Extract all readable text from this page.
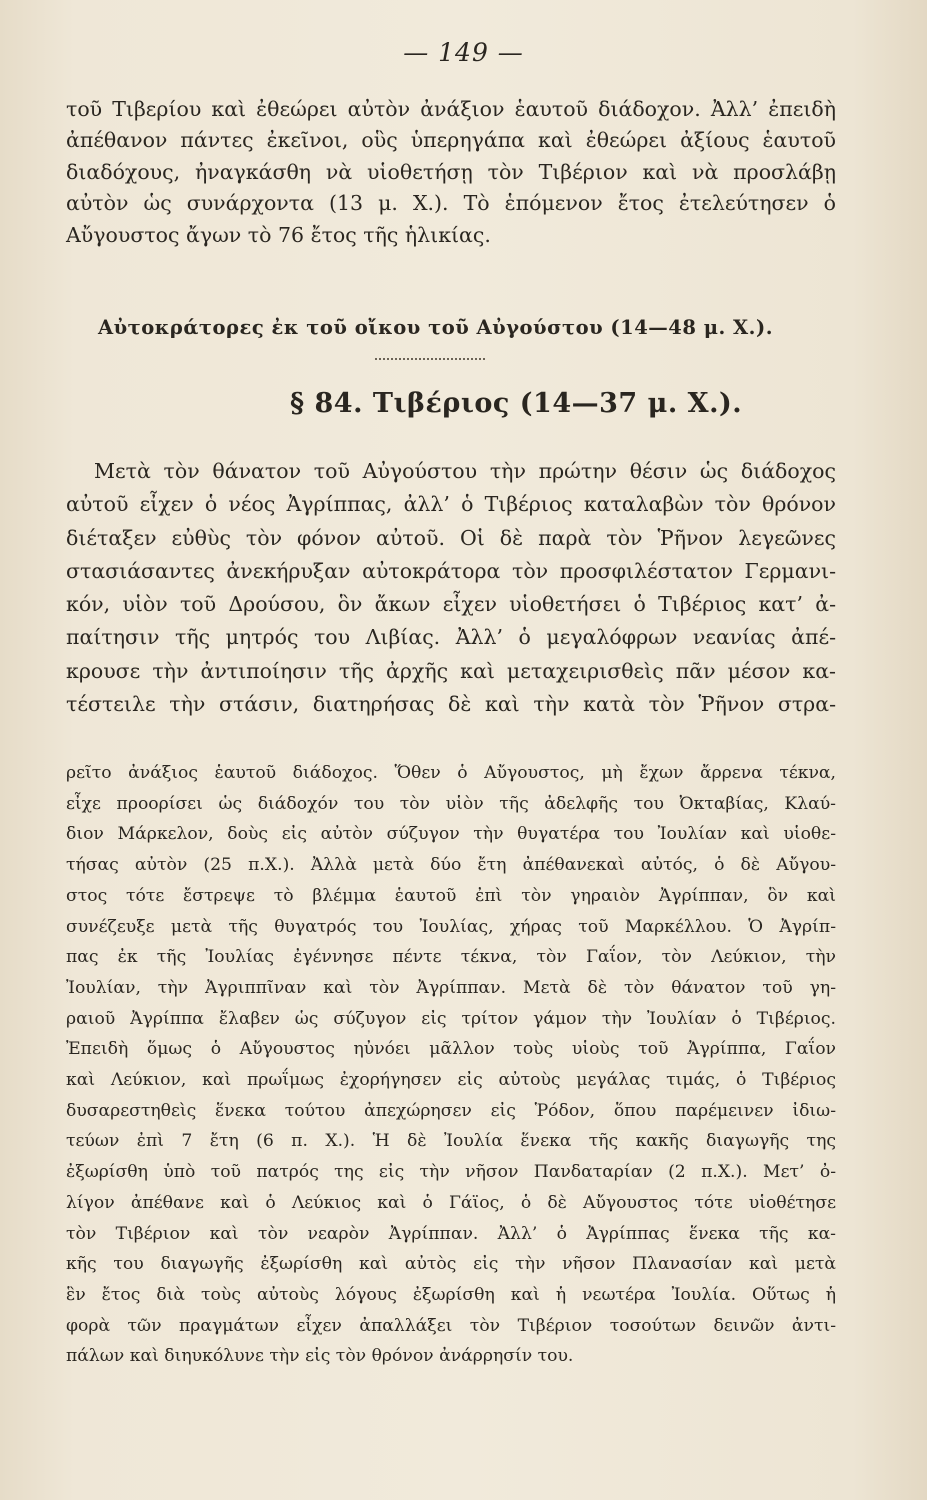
— 149 —
τοῦ Τιβερίου καὶ ἐθεώρει αὐτὸν ἀνάξιον ἑαυτοῦ διάδοχον. Ἀλλ’ ἐπειδὴ
ἀπέθανον πάντες ἐκεῖνοι, οὓς ὑπερηγάπα καὶ ἐθεώρει ἀξίους ἑαυτοῦ
διαδόχους, ἠναγκάσθη νὰ υἱοθετήσῃ τὸν Τιβέριον καὶ νὰ προσλάβῃ
αὐτὸν ὡς συνάρχοντα (13 μ. Χ.). Τὸ ἑπόμενον ἔτος ἐτελεύτησεν ὁ
Αὔγουστος ἄγων τὸ 76 ἔτος τῆς ἡλικίας.
Αὐτοκράτορες ἐκ τοῦ οἴκου τοῦ Αὐγούστου (14—48 μ. Χ.).
§ 84. Τιβέριος (14—37 μ. Χ.).
Μετὰ τὸν θάνατον τοῦ Αὐγούστου τὴν πρώτην θέσιν ὡς διάδοχος
αὐτοῦ εἶχεν ὁ νέος Ἀγρίππας, ἀλλ’ ὁ Τιβέριος καταλαβὼν τὸν θρόνον
διέταξεν εὐθὺς τὸν φόνον αὐτοῦ. Οἱ δὲ παρὰ τὸν Ῥῆνον λεγεῶνες
στασιάσαντες ἀνεκήρυξαν αὐτοκράτορα τὸν προσφιλέστατον Γερμανι-
κόν, υἱὸν τοῦ Δρούσου, ὃν ἄκων εἶχεν υἱοθετήσει ὁ Τιβέριος κατ’ ἀ-
παίτησιν τῆς μητρός του Λιβίας. Ἀλλ’ ὁ μεγαλόφρων νεανίας ἀπέ-
κρουσε τὴν ἀντιποίησιν τῆς ἀρχῆς καὶ μεταχειρισθεὶς πᾶν μέσον κα-
τέστειλε τὴν στάσιν, διατηρήσας δὲ καὶ τὴν κατὰ τὸν Ῥῆνον στρα-
ρεῖτο ἀνάξιος ἑαυτοῦ διάδοχος. Ὅθεν ὁ Αὔγουστος, μὴ ἔχων ἄρρενα τέκνα,
εἶχε προορίσει ὡς διάδοχόν του τὸν υἱὸν τῆς ἀδελφῆς του Ὀκταβίας, Κλαύ-
διον Μάρκελον, δοὺς εἰς αὐτὸν σύζυγον τὴν θυγατέρα του Ἰουλίαν καὶ υἱοθε-
τήσας αὐτὸν (25 π.Χ.). Ἀλλὰ μετὰ δύο ἔτη ἀπέθανεκαὶ αὐτός, ὁ δὲ Αὔγου-
στος τότε ἔστρεψε τὸ βλέμμα ἑαυτοῦ ἐπὶ τὸν γηραιὸν Ἀγρίππαν, ὃν καὶ
συνέζευξε μετὰ τῆς θυγατρός του Ἰουλίας, χήρας τοῦ Μαρκέλλου. Ὁ Ἀγρίπ-
πας ἐκ τῆς Ἰουλίας ἐγέννησε πέντε τέκνα, τὸν Γαΐον, τὸν Λεύκιον, τὴν
Ἰουλίαν, τὴν Ἀγριππῖναν καὶ τὸν Ἀγρίππαν. Μετὰ δὲ τὸν θάνατον τοῦ γη-
ραιοῦ Ἀγρίππα ἔλαβεν ὡς σύζυγον εἰς τρίτον γάμον τὴν Ἰουλίαν ὁ Τιβέριος.
Ἐπειδὴ ὅμως ὁ Αὔγουστος ηὐνόει μᾶλλον τοὺς υἱοὺς τοῦ Ἀγρίππα, Γαΐον
καὶ Λεύκιον, καὶ πρωΐμως ἐχορήγησεν εἰς αὐτοὺς μεγάλας τιμάς, ὁ Τιβέριος
δυσαρεστηθεὶς ἕνεκα τούτου ἀπεχώρησεν εἰς Ῥόδον, ὅπου παρέμεινεν ἰδιω-
τεύων ἐπὶ 7 ἔτη (6 π. Χ.). Ἡ δὲ Ἰουλία ἕνεκα τῆς κακῆς διαγωγῆς της
ἐξωρίσθη ὑπὸ τοῦ πατρός της εἰς τὴν νῆσον Πανδαταρίαν (2 π.Χ.). Μετ’ ὀ-
λίγον ἀπέθανε καὶ ὁ Λεύκιος καὶ ὁ Γάϊος, ὁ δὲ Αὔγουστος τότε υἱοθέτησε
τὸν Τιβέριον καὶ τὸν νεαρὸν Ἀγρίππαν. Ἀλλ’ ὁ Ἀγρίππας ἕνεκα τῆς κα-
κῆς του διαγωγῆς ἐξωρίσθη καὶ αὐτὸς εἰς τὴν νῆσον Πλανασίαν καὶ μετὰ
ἓν ἔτος διὰ τοὺς αὐτοὺς λόγους ἐξωρίσθη καὶ ἡ νεωτέρα Ἰουλία. Οὕτως ἡ
φορὰ τῶν πραγμάτων εἶχεν ἀπαλλάξει τὸν Τιβέριον τοσούτων δεινῶν ἀντι-
πάλων καὶ διηυκόλυνε τὴν εἰς τὸν θρόνον ἀνάρρησίν του.
